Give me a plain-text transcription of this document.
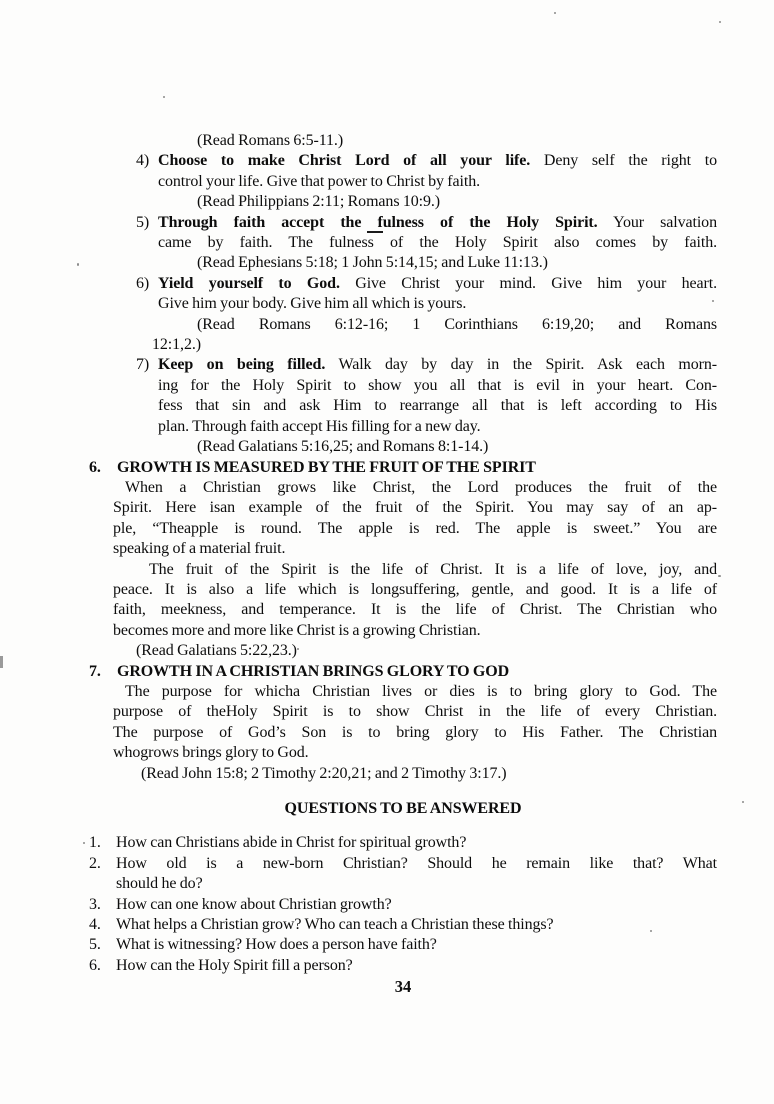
(Read Romans 6:5-11.)
4) Choose to make Christ Lord of all your life. Deny self the right to
control your life. Give that power to Christ by faith.
(Read Philippians 2:11; Romans 10:9.)
5) Through faith accept the fulness of the Holy Spirit. Your salvation
came by faith. The fulness of the Holy Spirit also comes by faith.
(Read Ephesians 5:18; 1 John 5:14,15; and Luke 11:13.)
6) Yield yourself to God. Give Christ your mind. Give him your heart.
Give him your body. Give him all which is yours.
(Read Romans 6:12-16; 1 Corinthians 6:19,20; and Romans
12:1,2.)
7) Keep on being filled. Walk day by day in the Spirit. Ask each morn-
ing for the Holy Spirit to show you all that is evil in your heart. Con-
fess that sin and ask Him to rearrange all that is left according to His
plan. Through faith accept His filling for a new day.
(Read Galatians 5:16,25; and Romans 8:1-14.)
6. GROWTH IS MEASURED BY THE FRUIT OF THE SPIRIT
When a Christian grows like Christ, the Lord produces the fruit of the
Spirit. Here isan example of the fruit of the Spirit. You may say of an ap-
ple, “Theapple is round. The apple is red. The apple is sweet.” You are
speaking of a material fruit.
The fruit of the Spirit is the life of Christ. It is a life of love, joy, and
peace. It is also a life which is longsuffering, gentle, and good. It is a life of
faith, meekness, and temperance. It is the life of Christ. The Christian who
becomes more and more like Christ is a growing Christian.
(Read Galatians 5:22,23.)
7. GROWTH IN A CHRISTIAN BRINGS GLORY TO GOD
The purpose for whicha Christian lives or dies is to bring glory to God. The
purpose of theHoly Spirit is to show Christ in the life of every Christian.
The purpose of God’s Son is to bring glory to His Father. The Christian
whogrows brings glory to God.
(Read John 15:8; 2 Timothy 2:20,21; and 2 Timothy 3:17.)
QUESTIONS TO BE ANSWERED
1. How can Christians abide in Christ for spiritual growth?
2. How old is a new-born Christian? Should he remain like that? What
should he do?
3. How can one know about Christian growth?
4. What helps a Christian grow? Who can teach a Christian these things?
5. What is witnessing? How does a person have faith?
6. How can the Holy Spirit fill a person?
34
